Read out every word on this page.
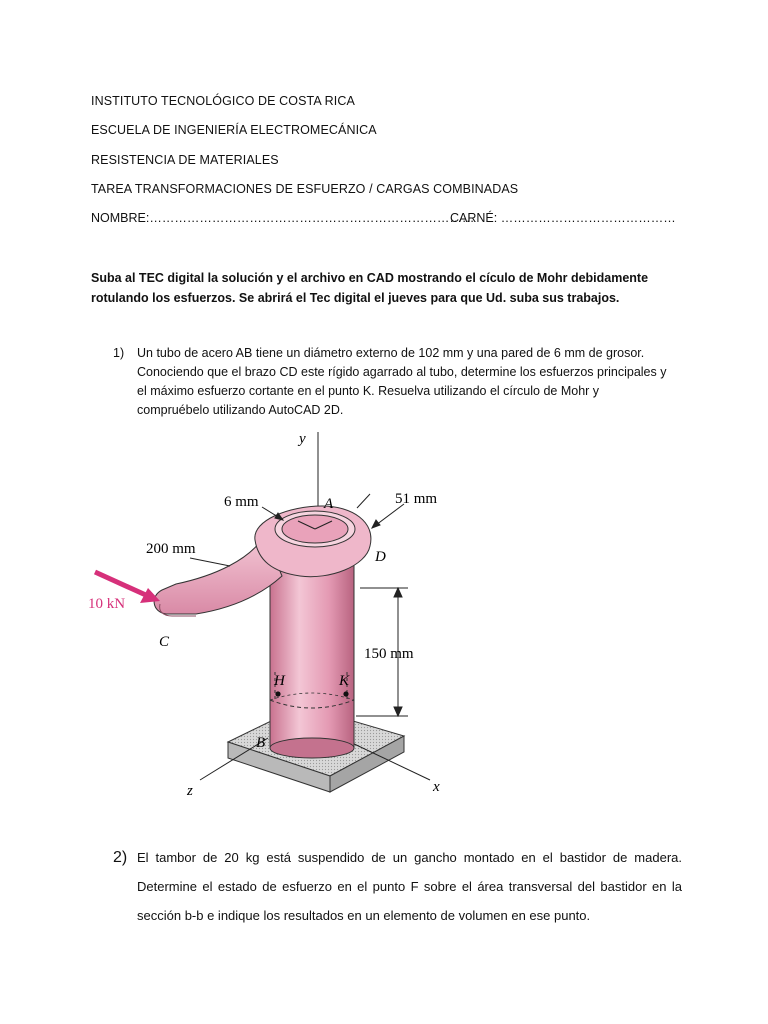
INSTITUTO TECNOLÓGICO DE COSTA RICA
ESCUELA DE INGENIERÍA ELECTROMECÁNICA
RESISTENCIA DE MATERIALES
TAREA TRANSFORMACIONES DE ESFUERZO / CARGAS COMBINADAS
NOMBRE:……………………………………………………………………
CARNÉ: ……………………………………
Suba al TEC digital la solución y el archivo en CAD mostrando el cículo de Mohr debidamente rotulando los esfuerzos. Se abrirá el Tec digital el jueves para que Ud. suba sus trabajos.
1) Un tubo de acero AB tiene un diámetro externo de 102 mm y una pared de 6 mm de grosor. Conociendo que el brazo CD este rígido agarrado al tubo, determine los esfuerzos principales y el máximo esfuerzo cortante en el punto K. Resuelva utilizando el círculo de Mohr y compruébelo utilizando AutoCAD 2D.
y
6 mm	A	51 mm
200 mm	D
10 kN
C
150 mm
H	K
B
z	x
2) El tambor de 20 kg está suspendido de un gancho montado en el bastidor de madera. Determine el estado de esfuerzo en el punto F sobre el área transversal del bastidor en la sección b-b e indique los resultados en un elemento de volumen en ese punto.
